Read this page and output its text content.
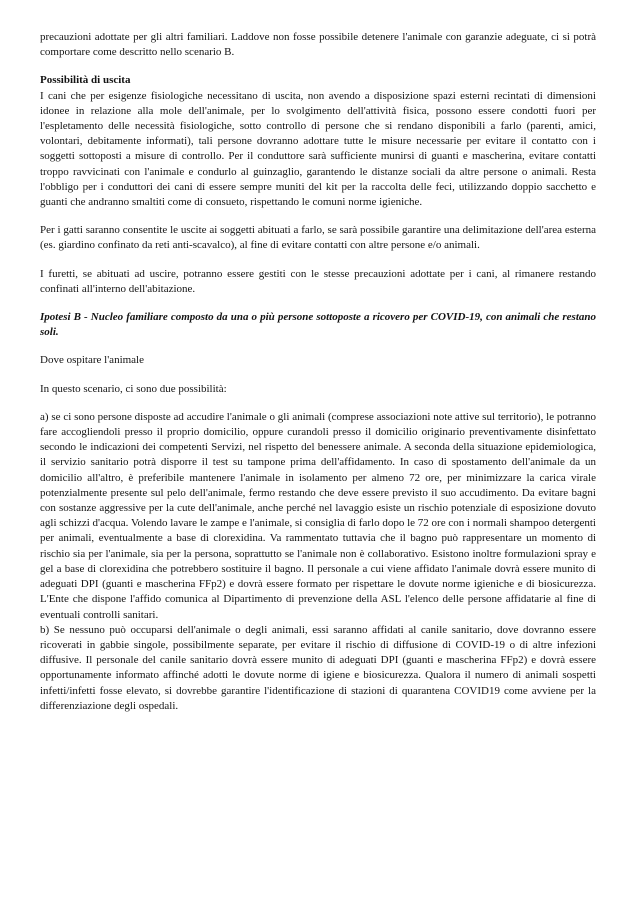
precauzioni adottate per gli altri familiari. Laddove non fosse possibile detenere l'animale con garanzie adeguate, ci si potrà comportare come descritto nello scenario B.

Possibilità di uscita

I cani che per esigenze fisiologiche necessitano di uscita, non avendo a disposizione spazi esterni recintati di dimensioni idonee in relazione alla mole dell'animale, per lo svolgimento dell'attività fisica, possono essere condotti fuori per l'espletamento delle necessità fisiologiche, sotto controllo di persone che si rendano disponibili a farlo (parenti, amici, volontari, debitamente informati), tali persone dovranno adottare tutte le misure necessarie per evitare il contatto con i soggetti sottoposti a misure di controllo. Per il conduttore sarà sufficiente munirsi di guanti e mascherina, evitare contatti troppo ravvicinati con l'animale e condurlo al guinzaglio, garantendo le distanze sociali da altre persone o animali. Resta l'obbligo per i conduttori dei cani di essere sempre muniti del kit per la raccolta delle feci, utilizzando doppio sacchetto e guanti che andranno smaltiti come di consueto, rispettando le comuni norme igieniche.

Per i gatti saranno consentite le uscite ai soggetti abituati a farlo, se sarà possibile garantire una delimitazione dell'area esterna (es. giardino confinato da reti anti-scavalco), al fine di evitare contatti con altre persone e/o animali.

I furetti, se abituati ad uscire, potranno essere gestiti con le stesse precauzioni adottate per i cani, al rimanere restando confinati all'interno dell'abitazione.

Ipotesi B - Nucleo familiare composto da una o più persone sottoposte a ricovero per COVID-19, con animali che restano soli.

Dove ospitare l'animale

In questo scenario, ci sono due possibilità:

a) se ci sono persone disposte ad accudire l'animale o gli animali (comprese associazioni note attive sul territorio), le potranno fare accogliendoli presso il proprio domicilio, oppure curandoli presso il domicilio originario preventivamente disinfettato secondo le indicazioni dei competenti Servizi, nel rispetto del benessere animale. A seconda della situazione epidemiologica, il servizio sanitario potrà disporre il test su tampone prima dell'affidamento. In caso di spostamento dell'animale da un domicilio all'altro, è preferibile mantenere l'animale in isolamento per almeno 72 ore, per minimizzare la carica virale potenzialmente presente sul pelo dell'animale, fermo restando che deve essere previsto il suo accudimento. Da evitare bagni con sostanze aggressive per la cute dell'animale, anche perché nel lavaggio esiste un rischio potenziale di esposizione dovuto agli schizzi d'acqua. Volendo lavare le zampe e l'animale, si consiglia di farlo dopo le 72 ore con i normali shampoo detergenti per animali, eventualmente a base di clorexidina. Va rammentato tuttavia che il bagno può rappresentare un momento di rischio sia per l'animale, sia per la persona, soprattutto se l'animale non è collaborativo. Esistono inoltre formulazioni spray e gel a base di clorexidina che potrebbero sostituire il bagno. Il personale a cui viene affidato l'animale dovrà essere munito di adeguati DPI (guanti e mascherina FFp2) e dovrà essere formato per rispettare le dovute norme igieniche e di biosicurezza. L'Ente che dispone l'affido comunica al Dipartimento di prevenzione della ASL l'elenco delle persone affidatarie al fine di eventuali controlli sanitari.

b) Se nessuno può occuparsi dell'animale o degli animali, essi saranno affidati al canile sanitario, dove dovranno essere ricoverati in gabbie singole, possibilmente separate, per evitare il rischio di diffusione di COVID-19 o di altre infezioni diffusive. Il personale del canile sanitario dovrà essere munito di adeguati DPI (guanti e mascherina FFp2) e dovrà essere opportunamente informato affinché adotti le dovute norme di igiene e biosicurezza. Qualora il numero di animali sospetti infetti/infetti fosse elevato, si dovrebbe garantire l'identificazione di stazioni di quarantena COVID19 come avviene per la differenziazione degli ospedali.
